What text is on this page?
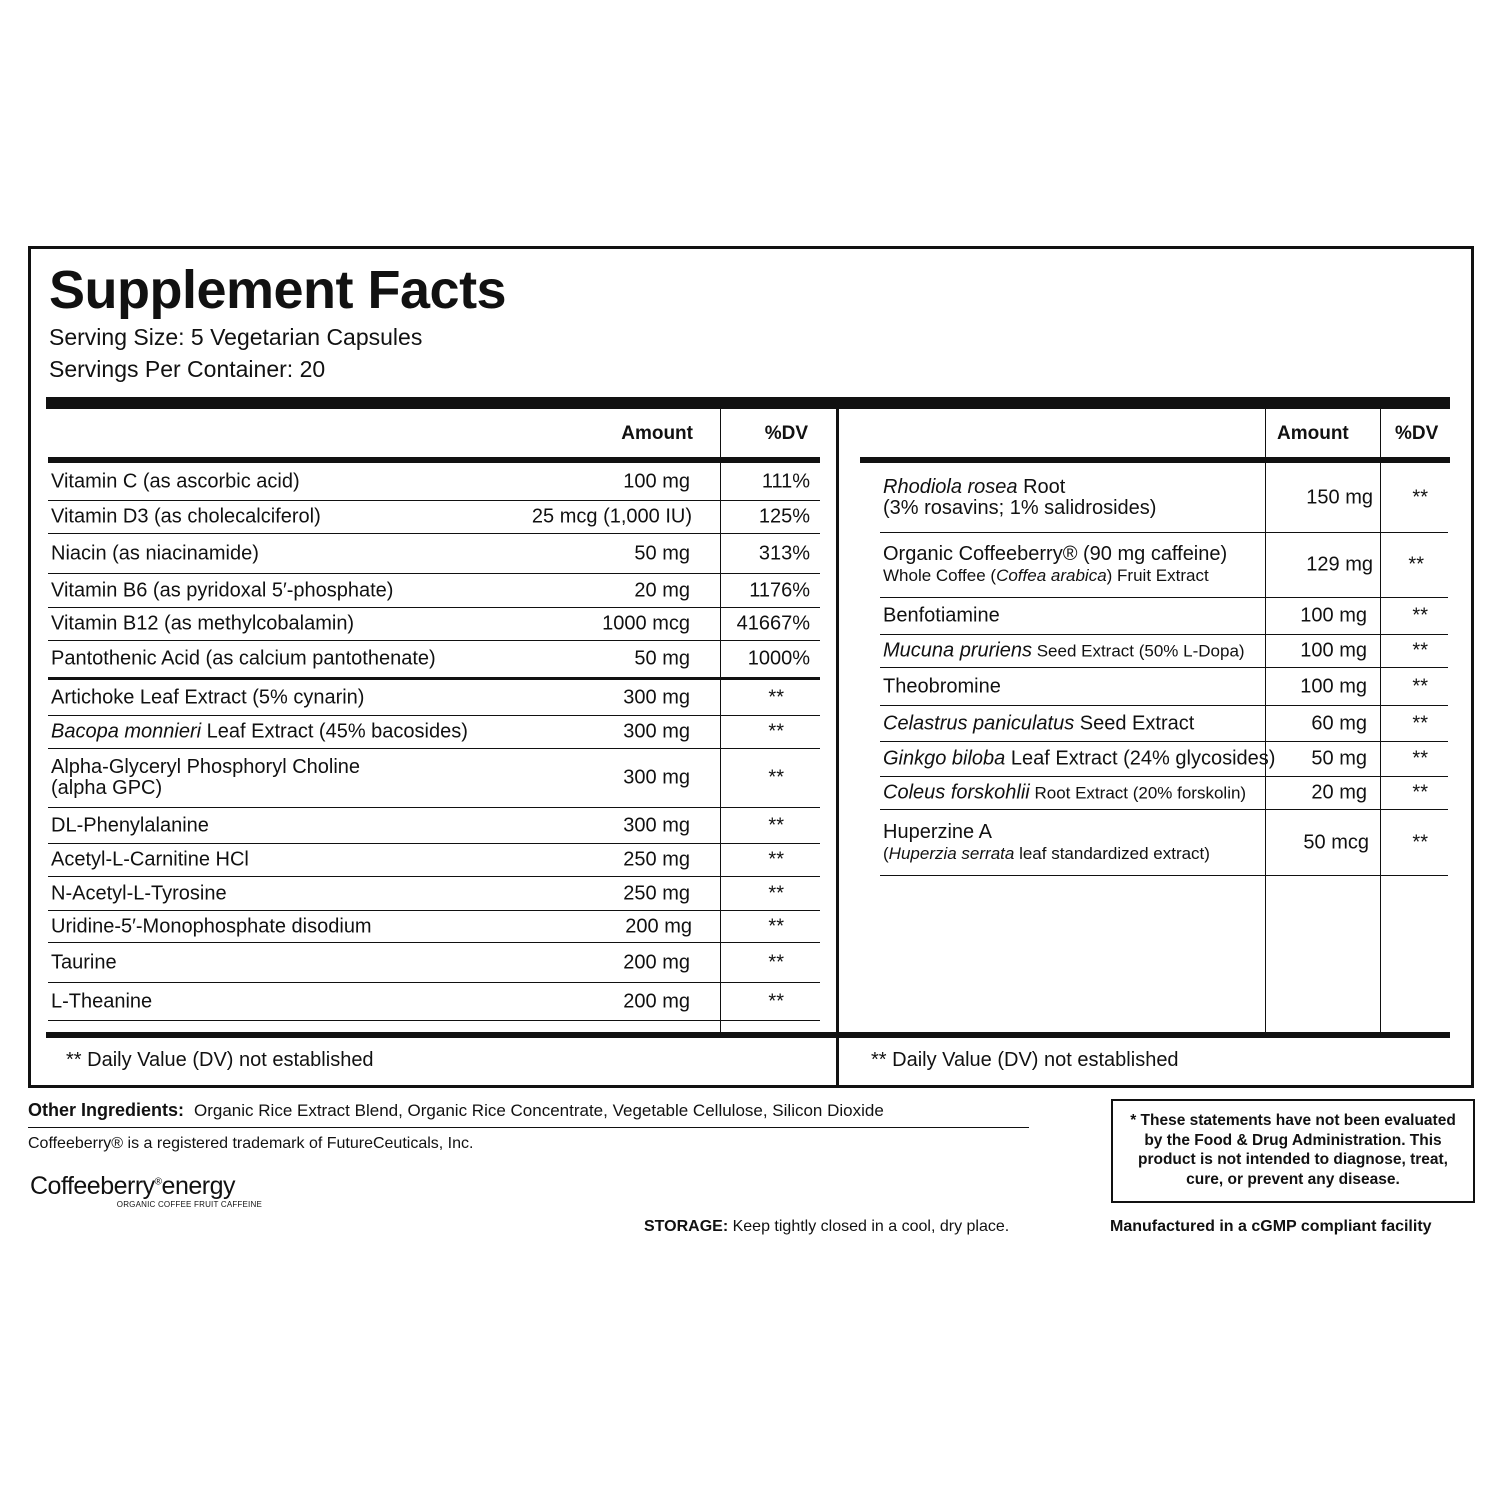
Supplement Facts
Serving Size: 5 Vegetarian Capsules
Servings Per Container: 20
Amount	%DV
Vitamin C (as ascorbic acid)	100 mg	111%
Vitamin D3 (as cholecalciferol)	25 mcg (1,000 IU)	125%
Niacin (as niacinamide)	50 mg	313%
Vitamin B6 (as pyridoxal 5′-phosphate)	20 mg	1176%
Vitamin B12 (as methylcobalamin)	1000 mcg 41667%
Pantothenic Acid (as calcium pantothenate)	50 mg	1000%
Artichoke Leaf Extract (5% cynarin)	300 mg	**
Bacopa monnieri Leaf Extract (45% bacosides)	300 mg	**
Alpha-Glyceryl Phosphoryl Choline
(alpha GPC)	300 mg	**
DL-Phenylalanine	300 mg	**
Acetyl-L-Carnitine HCl	250 mg	**
N-Acetyl-L-Tyrosine	250 mg	**
Uridine-5′-Monophosphate disodium	200 mg	**
Taurine	200 mg	**
L-Theanine	200 mg	**
Amount %DV
Rhodiola rosea Root
(3% rosavins; 1% salidrosides)	150 mg **
Organic Coffeeberry® (90 mg caffeine)
Whole Coffee (Coffea arabica) Fruit Extract	129 mg **
Benfotiamine	100 mg **
Mucuna pruriens Seed Extract (50% L-Dopa)	100 mg **
Theobromine	100 mg **
Celastrus paniculatus Seed Extract	60 mg **
Ginkgo biloba Leaf Extract (24% glycosides) 50 mg **
Coleus forskohlii Root Extract (20% forskolin)	20 mg **
Huperzine A
(Huperzia serrata leaf standardized extract)	50 mcg **
** Daily Value (DV) not established	** Daily Value (DV) not established
Other Ingredients: Organic Rice Extract Blend, Organic Rice Concentrate, Vegetable Cellulose, Silicon Dioxide
Coffeeberry® is a registered trademark of FutureCeuticals, Inc.
Coffeeberry®energy
ORGANIC COFFEE FRUIT CAFFEINE
* These statements have not been evaluated by the Food & Drug Administration. This product is not intended to diagnose, treat, cure, or prevent any disease.
STORAGE: Keep tightly closed in a cool, dry place.	Manufactured in a cGMP compliant facility
